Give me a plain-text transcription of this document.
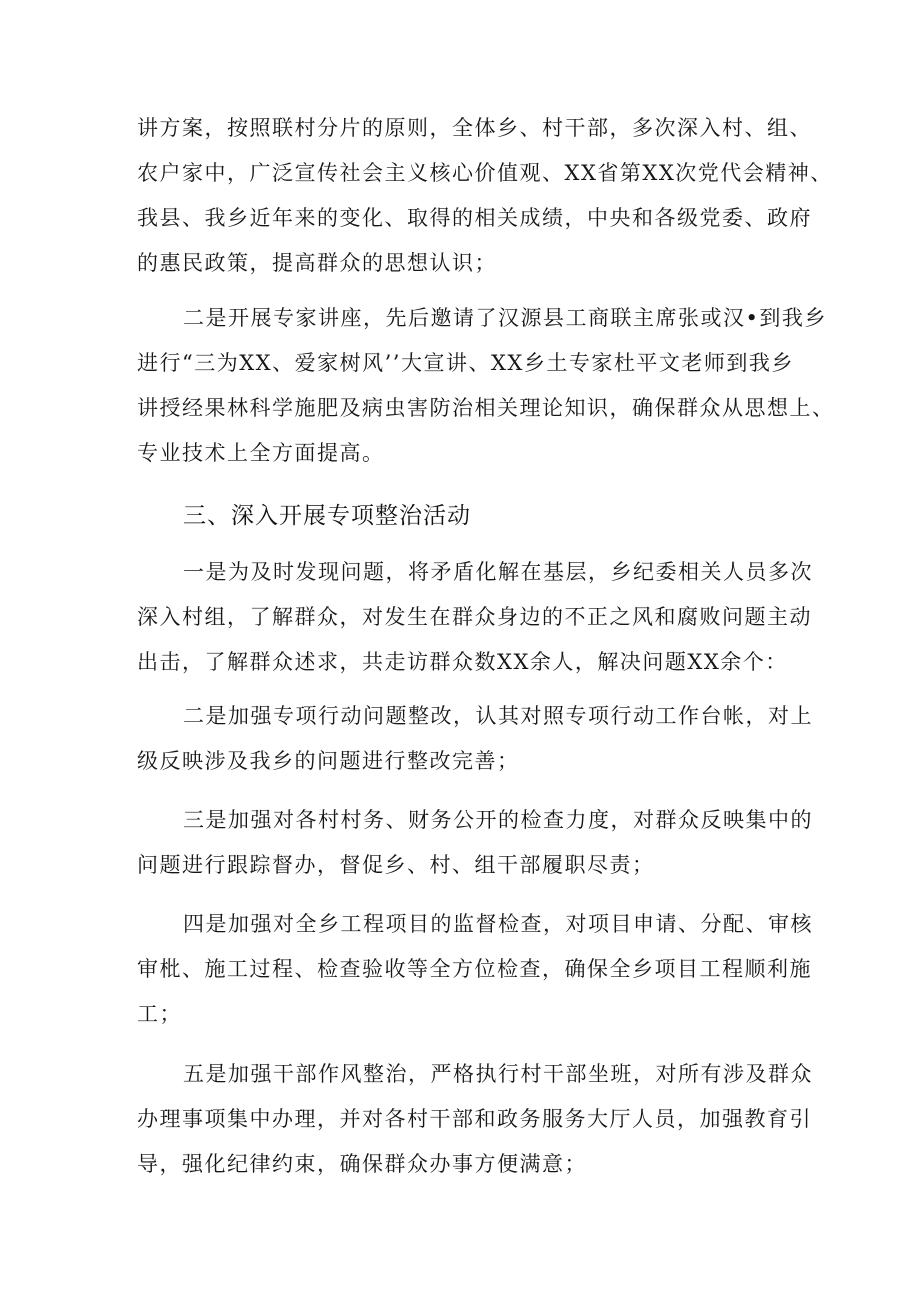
讲方案，按照联村分片的原则，全体乡、村干部，多次深入村、组、
农户家中，广泛宣传社会主义核心价值观、XX省第XX次党代会精神、
我县、我乡近年来的变化、取得的相关成绩，中央和各级党委、政府
的惠民政策，提高群众的思想认识；

二是开展专家讲座，先后邀请了汉源县工商联主席张或汉•到我乡
进行“三为XX、爱家树风’’大宣讲、XX乡土专家杜平文老师到我乡
讲授经果林科学施肥及病虫害防治相关理论知识，确保群众从思想上、
专业技术上全方面提高。

三、深入开展专项整治活动

一是为及时发现问题，将矛盾化解在基层，乡纪委相关人员多次
深入村组，了解群众，对发生在群众身边的不正之风和腐败问题主动
出击，了解群众述求，共走访群众数XX余人，解决问题XX余个：

二是加强专项行动问题整改，认其对照专项行动工作台帐，对上
级反映涉及我乡的问题进行整改完善；

三是加强对各村村务、财务公开的检查力度，对群众反映集中的
问题进行跟踪督办，督促乡、村、组干部履职尽责；

四是加强对全乡工程项目的监督检查，对项目申请、分配、审核
审枇、施工过程、检查验收等全方位检查，确保全乡项目工程顺利施
工；

五是加强干部作风整治，严格执行村干部坐班，对所有涉及群众
办理事项集中办理，并对各村干部和政务服务大厅人员，加强教育引
导，强化纪律约束，确保群众办事方便满意；
